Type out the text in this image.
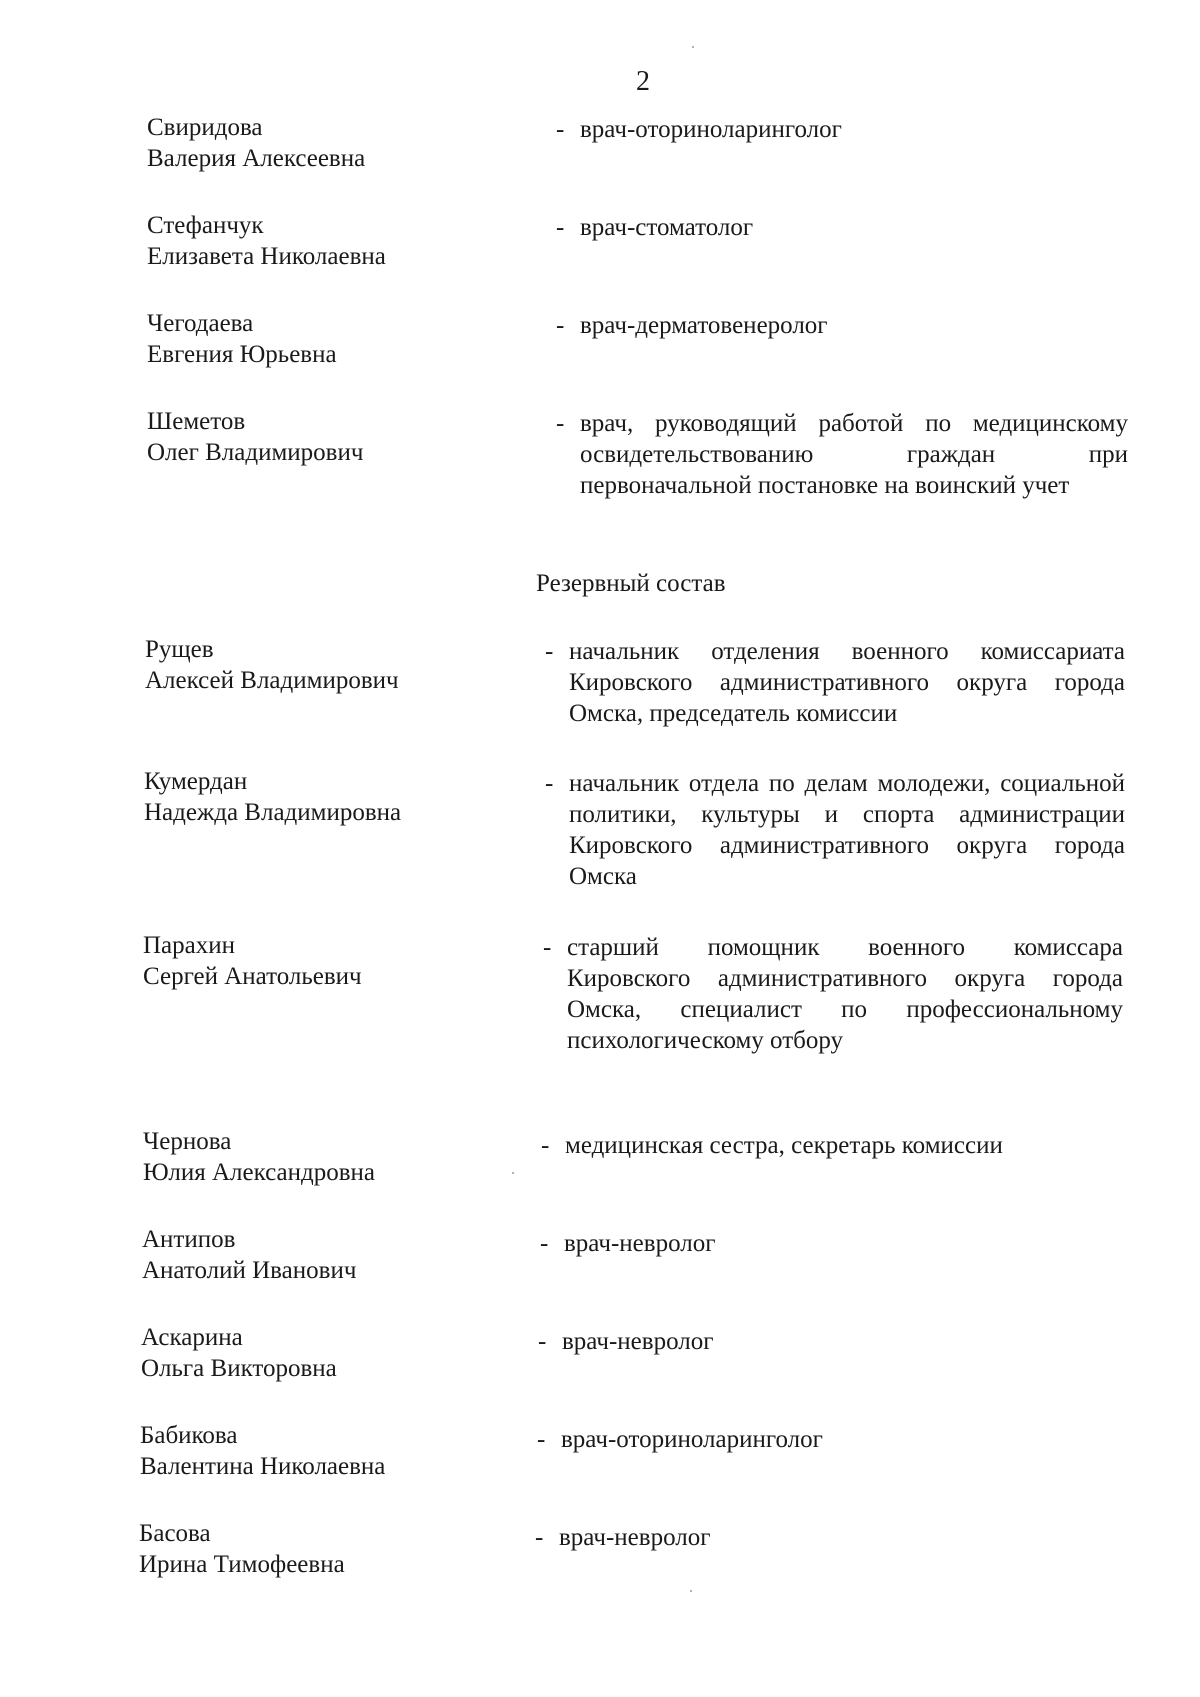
2
Свиридова
Валерия Алексеевна
- врач-оториноларинголог
Стефанчук
Елизавета Николаевна
- врач-стоматолог
Чегодаева
Евгения Юрьевна
- врач-дерматовенеролог
Шеметов
Олег Владимирович
- врач, руководящий работой по медицинскому освидетельствованию граждан при первоначальной постановке на воинский учет
Резервный состав
Рущев
Алексей Владимирович
- начальник отделения военного комиссариата Кировского административного округа города Омска, председатель комиссии
Кумердан
Надежда Владимировна
- начальник отдела по делам молодежи, социальной политики, культуры и спорта администрации Кировского административного округа города Омска
Парахин
Сергей Анатольевич
- старший помощник военного комиссара Кировского административного округа города Омска, специалист по профессиональному психологическому отбору
Чернова
Юлия Александровна
- медицинская сестра, секретарь комиссии
Антипов
Анатолий Иванович
- врач-невролог
Аскарина
Ольга Викторовна
- врач-невролог
Бабикова
Валентина Николаевна
- врач-оториноларинголог
Басова
Ирина Тимофеевна
- врач-невролог
